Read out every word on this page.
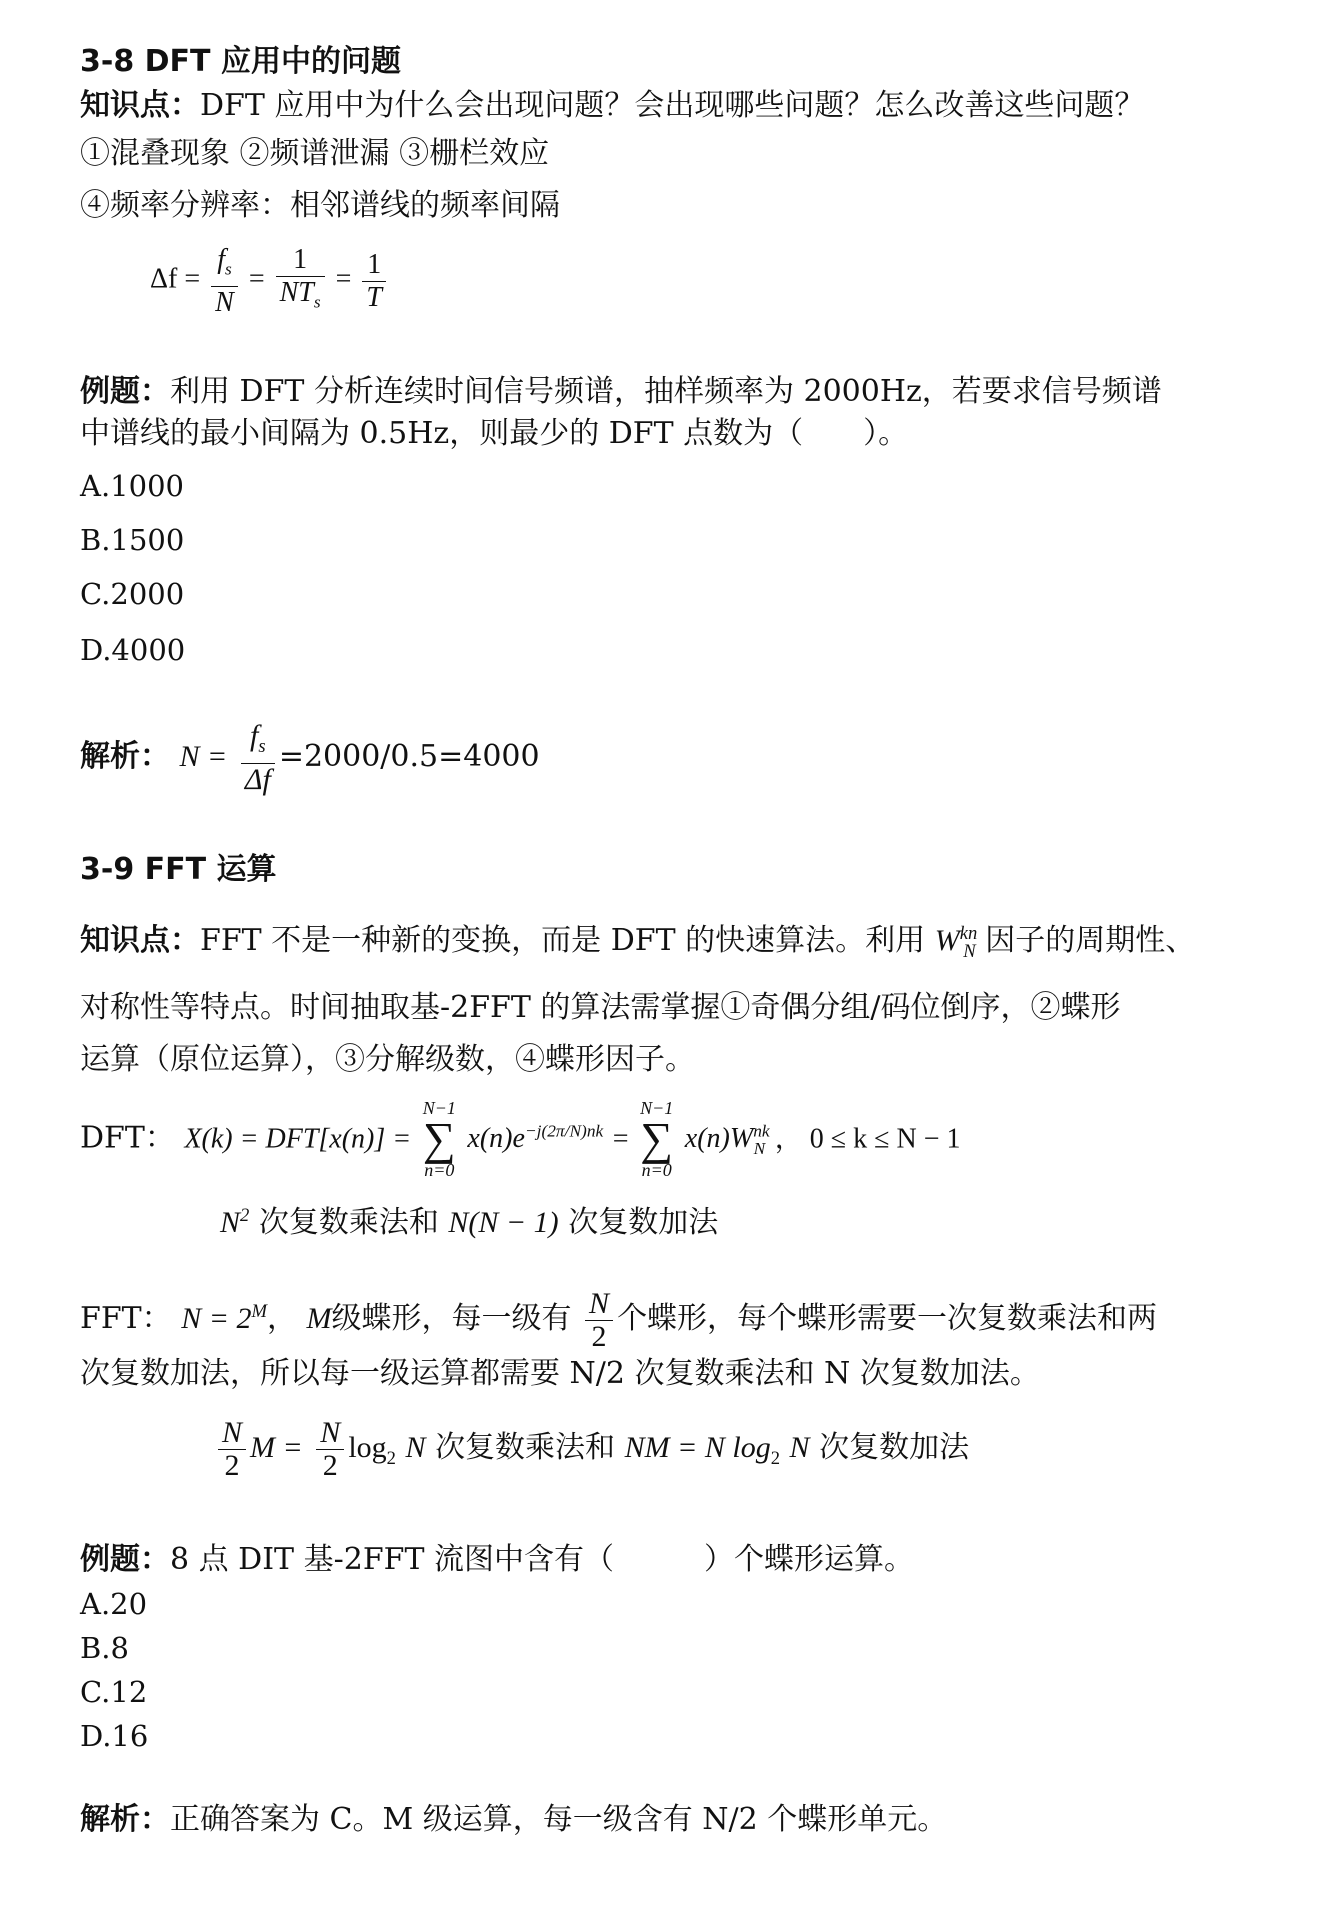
3-8 DFT 应用中的问题
知识点：DFT 应用中为什么会出现问题？会出现哪些问题？怎么改善这些问题？
①混叠现象 ②频谱泄漏 ③栅栏效应
④频率分辨率：相邻谱线的频率间隔
$\Delta f = \frac{f_s}{N} = \frac{1}{NT_s} = \frac{1}{T}$
例题：利用 DFT 分析连续时间信号频谱，抽样频率为 2000Hz，若要求信号频谱
中谱线的最小间隔为 0.5Hz，则最少的 DFT 点数为（　　）。
A.1000
B.1500
C.2000
D.4000
解析： $N = \frac{f_s}{\Delta f} =2000/0.5=4000$
3-9 FFT 运算
知识点：FFT 不是一种新的变换，而是 DFT 的快速算法。利用 $W^{kn}_N$ 因子的周期性、
对称性等特点。时间抽取基-2FFT 的算法需掌握①奇偶分组/码位倒序，②蝶形
运算（原位运算），③分解级数，④蝶形因子。
DFT： X(k) = DFT[x(n)] =
N−1
∑
n=0
$x(n)e^{-j(2\pi/N)nk}$ =
N−1
∑
n=0
$x(n)W^{nk}_N$ ， 0 ≤ k ≤ N − 1
$N^2$ 次复数乘法和 N(N − 1) 次复数加法
FFT： $N = 2^M$， M级蝶形，每一级有 $\frac{N}{2}$ 个蝶形，每个蝶形需要一次复数乘法和两
次复数加法，所以每一级运算都需要 N/2 次复数乘法和 N 次复数加法。
$\frac{N}{2}$ $M = \frac{N}{2} \log_2 N$ 次复数乘法和 NM = N $\log_2 N$ 次复数加法
例题：8 点 DIT 基-2FFT 流图中含有（　　　）个蝶形运算。
A.20
B.8
C.12
D.16
解析：正确答案为 C。M 级运算，每一级含有 N/2 个蝶形单元。
